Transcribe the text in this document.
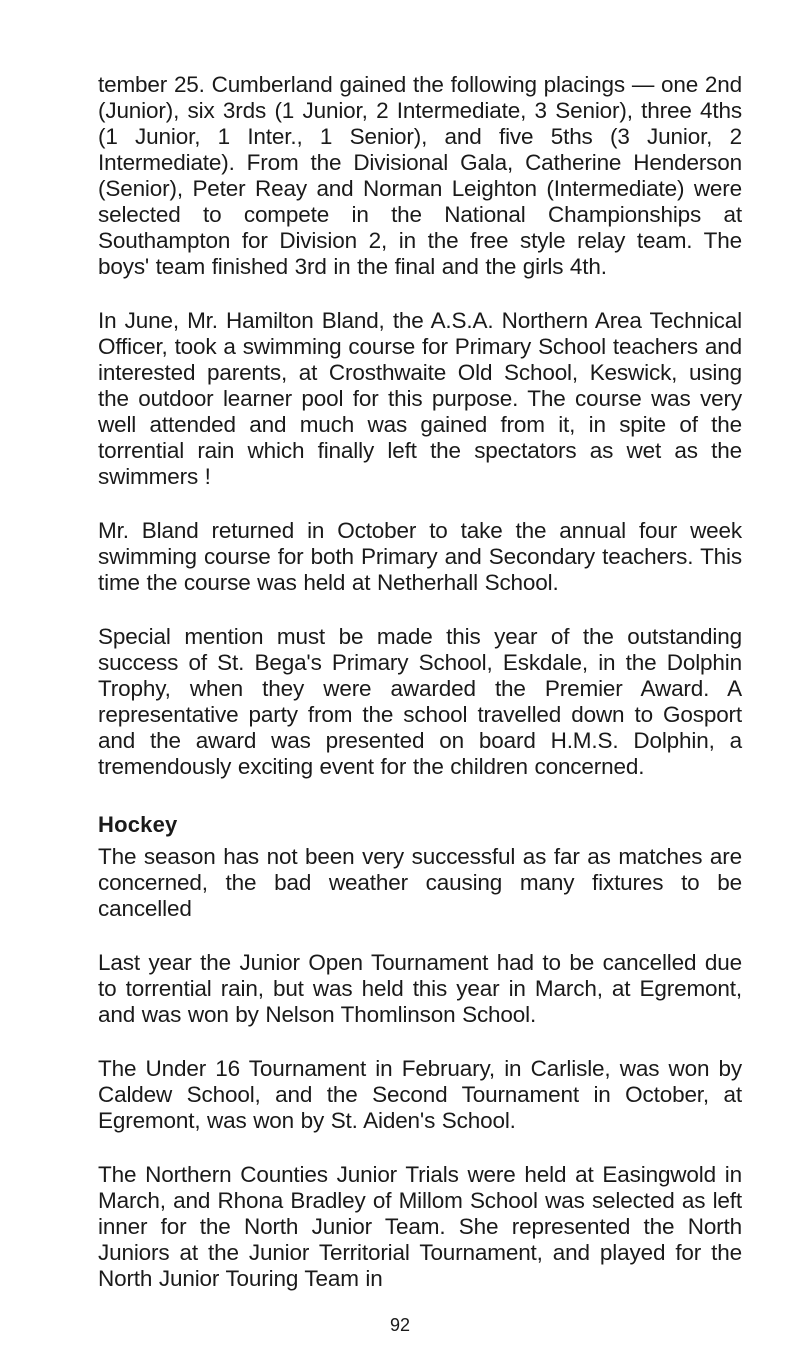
tember 25. Cumberland gained the following placings — one 2nd (Junior), six 3rds (1 Junior, 2 Intermediate, 3 Senior), three 4ths (1 Junior, 1 Inter., 1 Senior), and five 5ths (3 Junior, 2 Intermediate). From the Divisional Gala, Catherine Henderson (Senior), Peter Reay and Norman Leighton (Intermediate) were selected to compete in the National Championships at Southampton for Division 2, in the free style relay team. The boys' team finished 3rd in the final and the girls 4th.

In June, Mr. Hamilton Bland, the A.S.A. Northern Area Technical Officer, took a swimming course for Primary School teachers and interested parents, at Crosthwaite Old School, Keswick, using the outdoor learner pool for this purpose. The course was very well attended and much was gained from it, in spite of the torrential rain which finally left the spectators as wet as the swimmers !

Mr. Bland returned in October to take the annual four week swimming course for both Primary and Secondary teachers. This time the course was held at Netherhall School.

Special mention must be made this year of the outstanding success of St. Bega's Primary School, Eskdale, in the Dolphin Trophy, when they were awarded the Premier Award. A representative party from the school travelled down to Gosport and the award was presented on board H.M.S. Dolphin, a tremendously exciting event for the children concerned.

Hockey

The season has not been very successful as far as matches are concerned, the bad weather causing many fixtures to be cancelled

Last year the Junior Open Tournament had to be cancelled due to torrential rain, but was held this year in March, at Egremont, and was won by Nelson Thomlinson School.

The Under 16 Tournament in February, in Carlisle, was won by Caldew School, and the Second Tournament in October, at Egremont, was won by St. Aiden's School.

The Northern Counties Junior Trials were held at Easingwold in March, and Rhona Bradley of Millom School was selected as left inner for the North Junior Team. She represented the North Juniors at the Junior Territorial Tournament, and played for the North Junior Touring Team in

92
